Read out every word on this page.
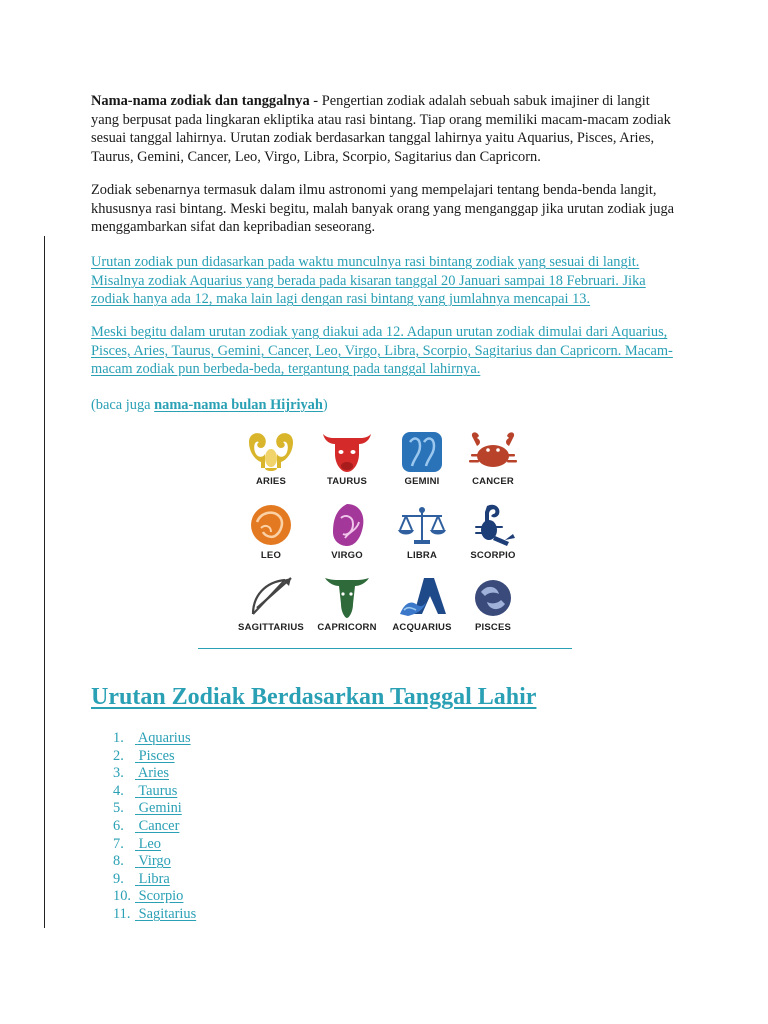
Nama-nama zodiak dan tanggalnya - Pengertian zodiak adalah sebuah sabuk imajiner di langit yang berpusat pada lingkaran ekliptika atau rasi bintang. Tiap orang memiliki macam-macam zodiak sesuai tanggal lahirnya. Urutan zodiak berdasarkan tanggal lahirnya yaitu Aquarius, Pisces, Aries, Taurus, Gemini, Cancer, Leo, Virgo, Libra, Scorpio, Sagitarius dan Capricorn.

Zodiak sebenarnya termasuk dalam ilmu astronomi yang mempelajari tentang benda-benda langit, khususnya rasi bintang. Meski begitu, malah banyak orang yang menganggap jika urutan zodiak juga menggambarkan sifat dan kepribadian seseorang.

Urutan zodiak pun didasarkan pada waktu munculnya rasi bintang zodiak yang sesuai di langit. Misalnya zodiak Aquarius yang berada pada kisaran tanggal 20 Januari sampai 18 Februari. Jika zodiak hanya ada 12, maka lain lagi dengan rasi bintang yang jumlahnya mencapai 13.

Meski begitu dalam urutan zodiak yang diakui ada 12. Adapun urutan zodiak dimulai dari Aquarius, Pisces, Aries, Taurus, Gemini, Cancer, Leo, Virgo, Libra, Scorpio, Sagitarius dan Capricorn. Macam-macam zodiak pun berbeda-beda, tergantung pada tanggal lahirnya.

(baca juga nama-nama bulan Hijriyah)

ARIES	TAURUS	GEMINI	CANCER
LEO	VIRGO	LIBRA	SCORPIO
SAGITTARIUS	CAPRICORN	ACQUARIUS	PISCES
Urutan Zodiak Berdasarkan Tanggal Lahir
1. Aquarius
2. Pisces
3. Aries
4. Taurus
5. Gemini
6. Cancer
7. Leo
8. Virgo
9. Libra
10. Scorpio
11. Sagitarius
